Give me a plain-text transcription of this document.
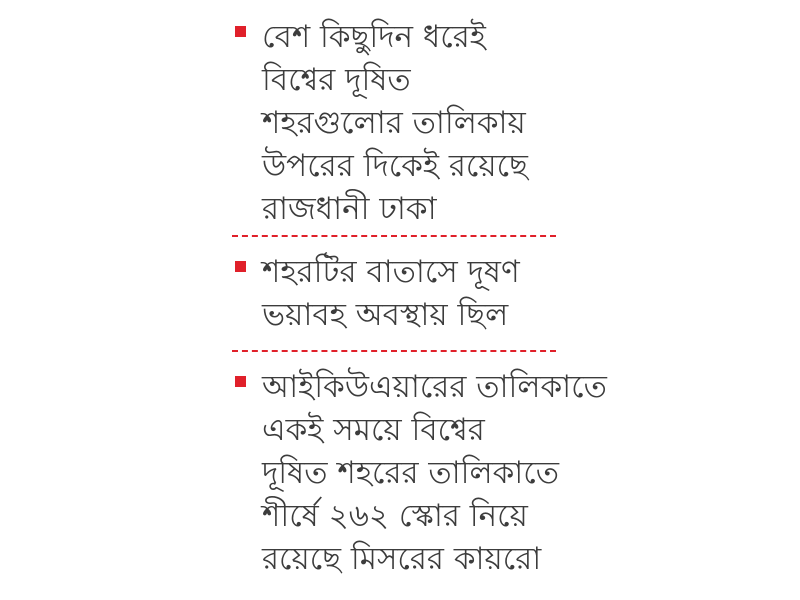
বেশ কিছুদিন ধরেই
বিশ্বের দূষিত
শহরগুলোর তালিকায়
উপরের দিকেই রয়েছে
রাজধানী ঢাকা
শহরটির বাতাসে দূষণ
ভয়াবহ অবস্থায় ছিল
আইকিউএয়ারের তালিকাতে
একই সময়ে বিশ্বের
দূষিত শহরের তালিকাতে
শীর্ষে ২৬২ স্কোর নিয়ে
রয়েছে মিসরের কায়রো
